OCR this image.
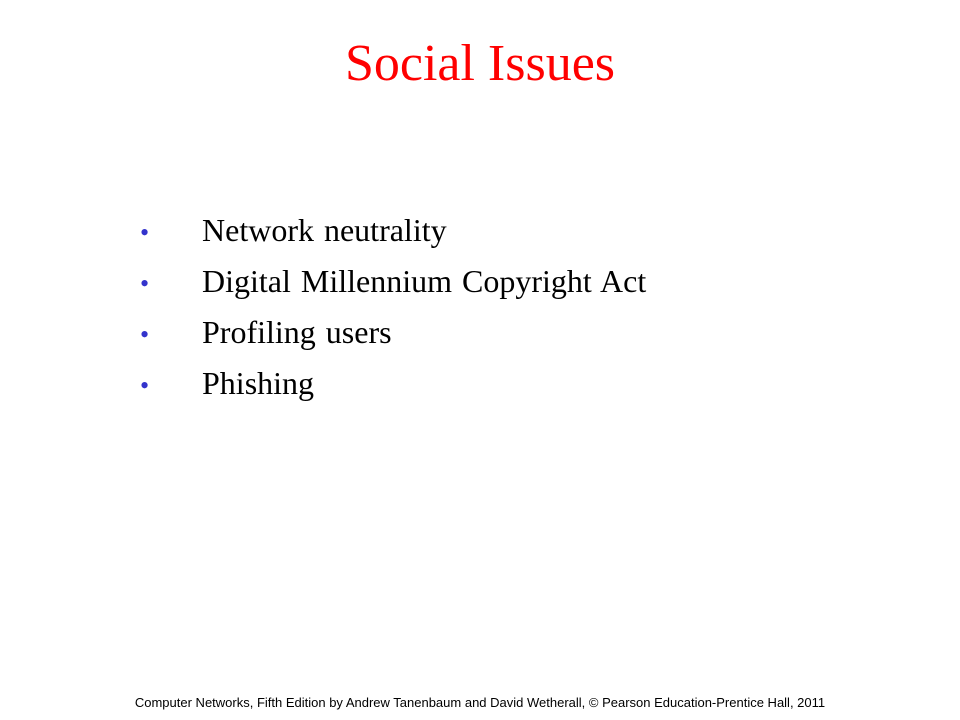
Social Issues
•	Network neutrality
•	Digital Millennium Copyright Act
•	Profiling users
•	Phishing
Computer Networks, Fifth Edition by Andrew Tanenbaum and David Wetherall, © Pearson Education-Prentice Hall, 2011
